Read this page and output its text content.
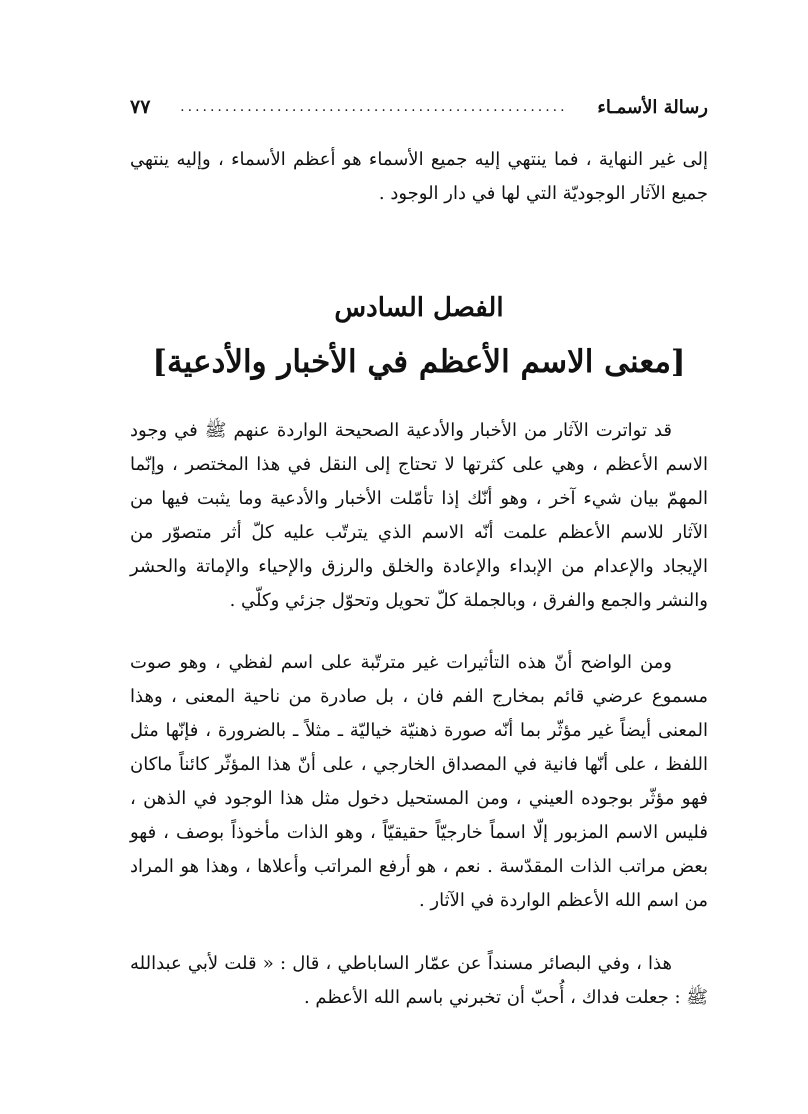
رسالة الأسمـاء
....................................................
٧٧

إلى غير النهاية ، فما ينتهي إليه جميع الأسماء هو أعظم الأسماء ، وإليه ينتهي جميع الآثار الوجوديّة التي لها في دار الوجود .

الفصل السادس
[معنى الاسم الأعظم في الأخبار والأدعية]

قد تواترت الآثار من الأخبار والأدعية الصحيحة الواردة عنهم ﷺ في وجود الاسم الأعظم ، وهي على كثرتها لا تحتاج إلى النقل في هذا المختصر ، وإنّما المهمّ بيان شيء آخر ، وهو أنّك إذا تأمّلت الأخبار والأدعية وما يثبت فيها من الآثار للاسم الأعظم علمت أنّه الاسم الذي يترتّب عليه كلّ أثر متصوّر من الإيجاد والإعدام من الإبداء والإعادة والخلق والرزق والإحياء والإماتة والحشر والنشر والجمع والفرق ، وبالجملة كلّ تحويل وتحوّل جزئي وكلّي .

ومن الواضح أنّ هذه التأثيرات غير مترتّبة على اسم لفظي ، وهو صوت مسموع عرضي قائم بمخارج الفم فان ، بل صادرة من ناحية المعنى ، وهذا المعنى أيضاً غير مؤثّر بما أنّه صورة ذهنيّة خياليّة ـ مثلاً ـ بالضرورة ، فإنّها مثل اللفظ ، على أنّها فانية في المصداق الخارجي ، على أنّ هذا المؤثّر كائناً ماكان فهو مؤثّر بوجوده العيني ، ومن المستحيل دخول مثل هذا الوجود في الذهن ، فليس الاسم المزبور إلّا اسماً خارجيّاً حقيقيّاً ، وهو الذات مأخوذاً بوصف ، فهو بعض مراتب الذات المقدّسة . نعم ، هو أرفع المراتب وأعلاها ، وهذا هو المراد من اسم الله الأعظم الواردة في الآثار .

هذا ، وفي البصائر مسنداً عن عمّار الساباطي ، قال : « قلت لأبي عبدالله ﷺ : جعلت فداك ، أُحبّ أن تخبرني باسم الله الأعظم .
